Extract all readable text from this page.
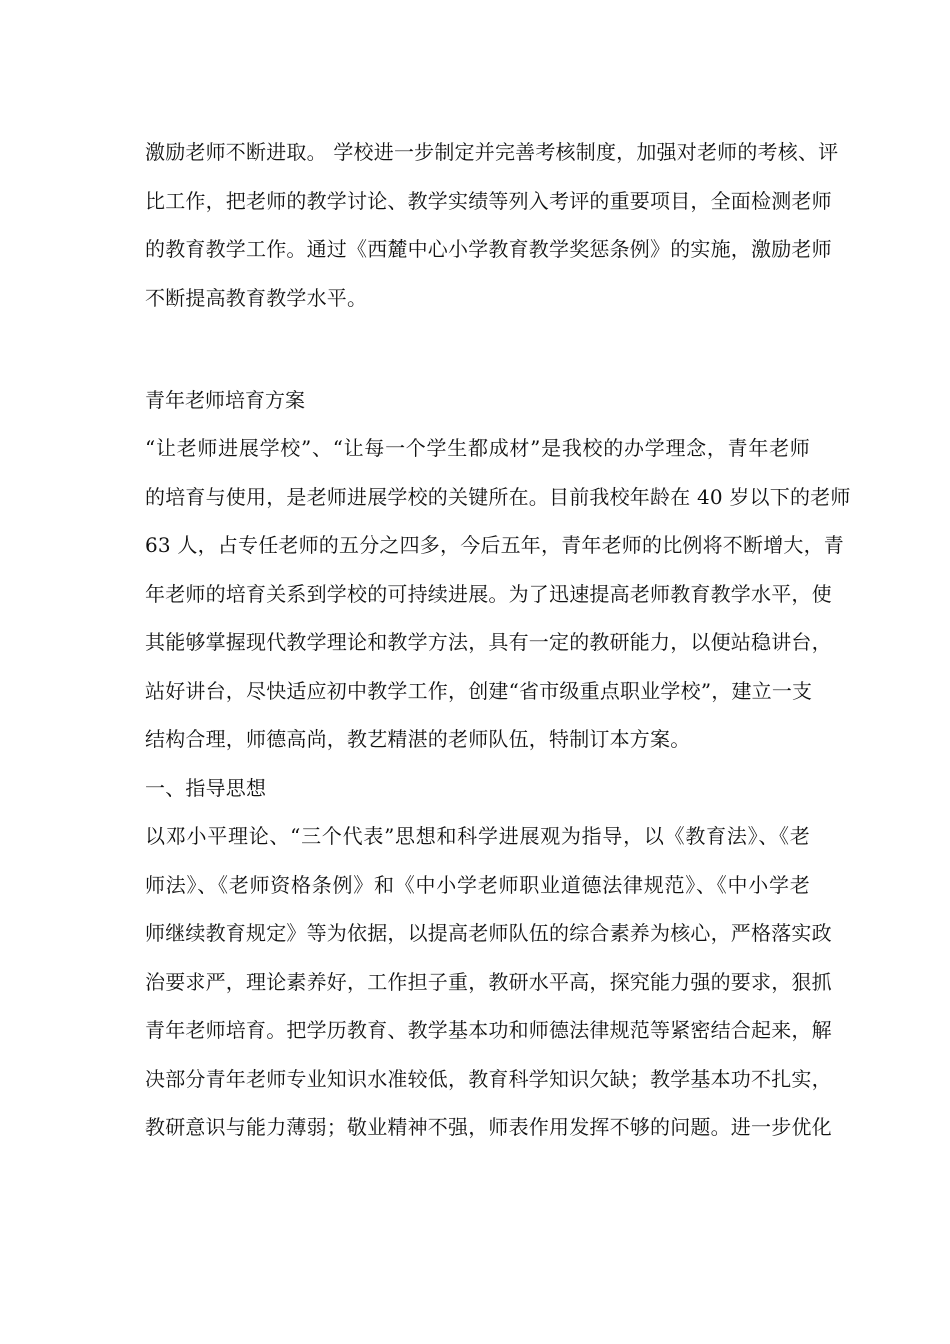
激励老师不断进取。 学校进一步制定并完善考核制度，加强对老师的考核、评
比工作，把老师的教学讨论、教学实绩等列入考评的重要项目，全面检测老师
的教育教学工作。通过《西麓中心小学教育教学奖惩条例》的实施，激励老师
不断提高教育教学水平。
青年老师培育方案
“让老师进展学校”、“让每一个学生都成材”是我校的办学理念，青年老师
的培育与使用，是老师进展学校的关键所在。目前我校年龄在 40 岁以下的老师
63 人，占专任老师的五分之四多，今后五年，青年老师的比例将不断增大，青
年老师的培育关系到学校的可持续进展。为了迅速提高老师教育教学水平，使
其能够掌握现代教学理论和教学方法，具有一定的教研能力，以便站稳讲台，
站好讲台，尽快适应初中教学工作，创建“省市级重点职业学校”，建立一支
结构合理，师德高尚，教艺精湛的老师队伍，特制订本方案。
一、指导思想
以邓小平理论、“三个代表”思想和科学进展观为指导，以《教育法》、《老
师法》、《老师资格条例》和《中小学老师职业道德法律规范》、《中小学老
师继续教育规定》等为依据，以提高老师队伍的综合素养为核心，严格落实政
治要求严，理论素养好，工作担子重，教研水平高，探究能力强的要求，狠抓
青年老师培育。把学历教育、教学基本功和师德法律规范等紧密结合起来，解
决部分青年老师专业知识水准较低，教育科学知识欠缺；教学基本功不扎实，
教研意识与能力薄弱；敬业精神不强，师表作用发挥不够的问题。进一步优化
